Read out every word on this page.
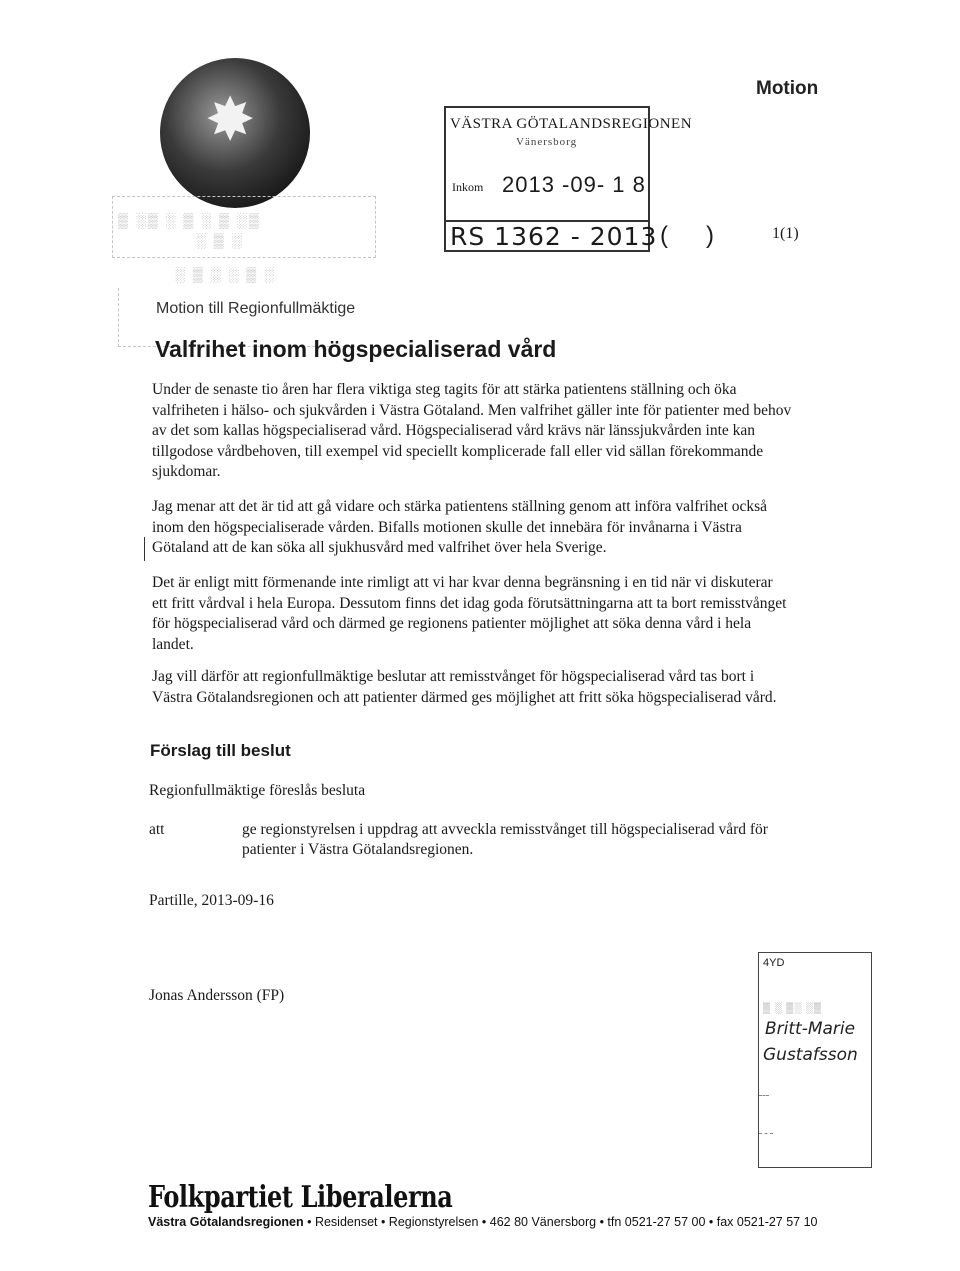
✸
▒ ░▒ ░ ▒ ░ ▒ ░▒
░ ▒ ░
░ ▒ ░ ░ ▒ ░
Motion
VÄSTRA GÖTALANDSREGIONEN
Vänersborg
Inkom 2013 -09- 1 8
RS 1362 - 2013 ( )	1(1)
Motion till Regionfullmäktige
Valfrihet inom högspecialiserad vård

Under de senaste tio åren har flera viktiga steg tagits för att stärka patientens ställning och öka valfriheten i hälso- och sjukvården i Västra Götaland. Men valfrihet gäller inte för patienter med behov av det som kallas högspecialiserad vård. Högspecialiserad vård krävs när länssjukvården inte kan tillgodose vårdbehoven, till exempel vid speciellt komplicerade fall eller vid sällan förekommande sjukdomar.

Jag menar att det är tid att gå vidare och stärka patientens ställning genom att införa valfrihet också inom den högspecialiserade vården. Bifalls motionen skulle det innebära för invånarna i Västra Götaland att de kan söka all sjukhusvård med valfrihet över hela Sverige.

Det är enligt mitt förmenande inte rimligt att vi har kvar denna begränsning i en tid när vi diskuterar ett fritt vårdval i hela Europa. Dessutom finns det idag goda förutsättningarna att ta bort remisstvånget för högspecialiserad vård och därmed ge regionens patienter möjlighet att söka denna vård i hela landet.

Jag vill därför att regionfullmäktige beslutar att remisstvånget för högspecialiserad vård tas bort i Västra Götalandsregionen och att patienter därmed ges möjlighet att fritt söka högspecialiserad vård.

Förslag till beslut
Regionfullmäktige föreslås besluta
att	ge regionstyrelsen i uppdrag att avveckla remisstvånget till högspecialiserad vård för
patienter i Västra Götalandsregionen.
Partille, 2013-09-16
Jonas Andersson (FP)
4YD
▒ ░ ▒░ ░▒
Britt-Marie
Gustafsson
Folkpartiet Liberalerna
Västra Götalandsregionen • Residenset • Regionstyrelsen • 462 80 Vänersborg • tfn 0521-27 57 00 • fax 0521-27 57 10
